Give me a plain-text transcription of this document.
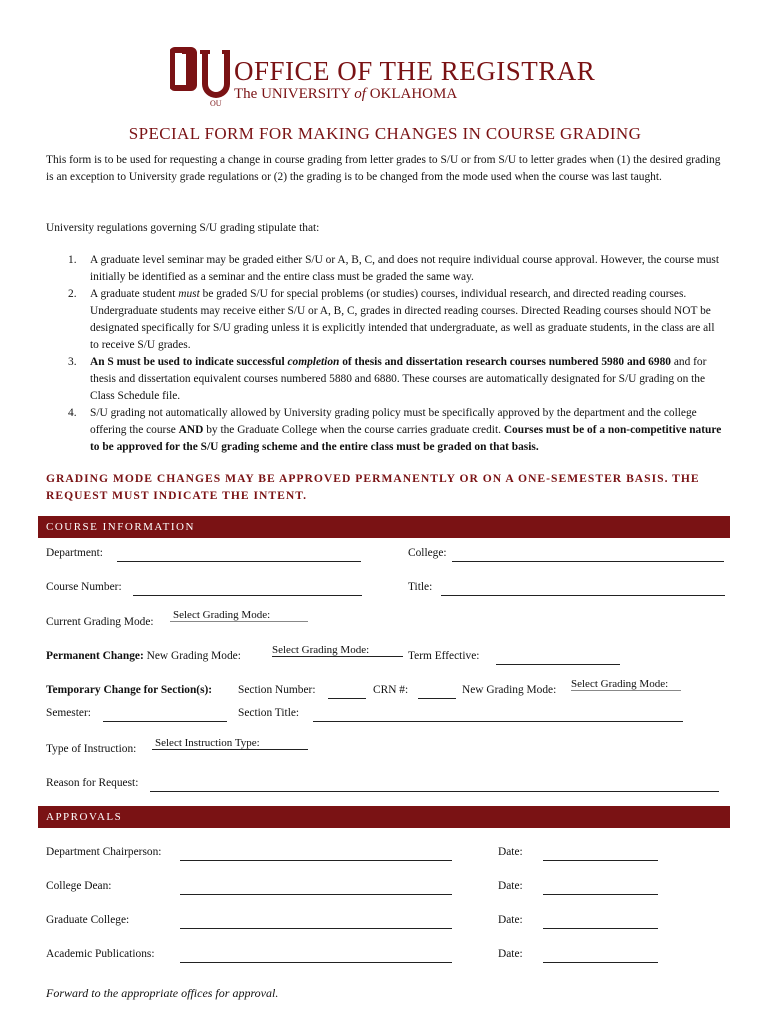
OU
OFFICE OF THE REGISTRAR
The UNIVERSITY of OKLAHOMA
SPECIAL FORM FOR MAKING CHANGES IN COURSE GRADING
This form is to be used for requesting a change in course grading from letter grades to S/U or from S/U to letter grades when (1) the desired grading is an exception to University grade regulations or (2) the grading is to be changed from the mode used when the course was last taught.
University regulations governing S/U grading stipulate that:
1. A graduate level seminar may be graded either S/U or A, B, C, and does not require individual course approval. However, the course must initially be identified as a seminar and the entire class must be graded the same way.
2. A graduate student must be graded S/U for special problems (or studies) courses, individual research, and directed reading courses. Undergraduate students may receive either S/U or A, B, C, grades in directed reading courses. Directed Reading courses should NOT be designated specifically for S/U grading unless it is explicitly intended that undergraduate, as well as graduate students, in the class are all to receive S/U grades.
3. An S must be used to indicate successful completion of thesis and dissertation research courses numbered 5980 and 6980 and for thesis and dissertation equivalent courses numbered 5880 and 6880. These courses are automatically designated for S/U grading on the Class Schedule file.
4. S/U grading not automatically allowed by University grading policy must be specifically approved by the department and the college offering the course AND by the Graduate College when the course carries graduate credit. Courses must be of a non-competitive nature to be approved for the S/U grading scheme and the entire class must be graded on that basis.
GRADING MODE CHANGES MAY BE APPROVED PERMANENTLY OR ON A ONE-SEMESTER BASIS. THE REQUEST MUST INDICATE THE INTENT.
COURSE INFORMATION
Department:	College:
Course Number:	Title:
Current Grading Mode:
Select Grading Mode:
Permanent Change: New Grading Mode:	Select Grading Mode:	Term Effective:
Temporary Change for Section(s): Section Number:	CRN #:	New Grading Mode: Select Grading Mode:
Semester:	Section Title:
Type of Instruction: Select Instruction Type:
Reason for Request:
APPROVALS
Department Chairperson:	Date:
College Dean:	Date:
Graduate College:	Date:
Academic Publications:	Date:
Forward to the appropriate offices for approval.
